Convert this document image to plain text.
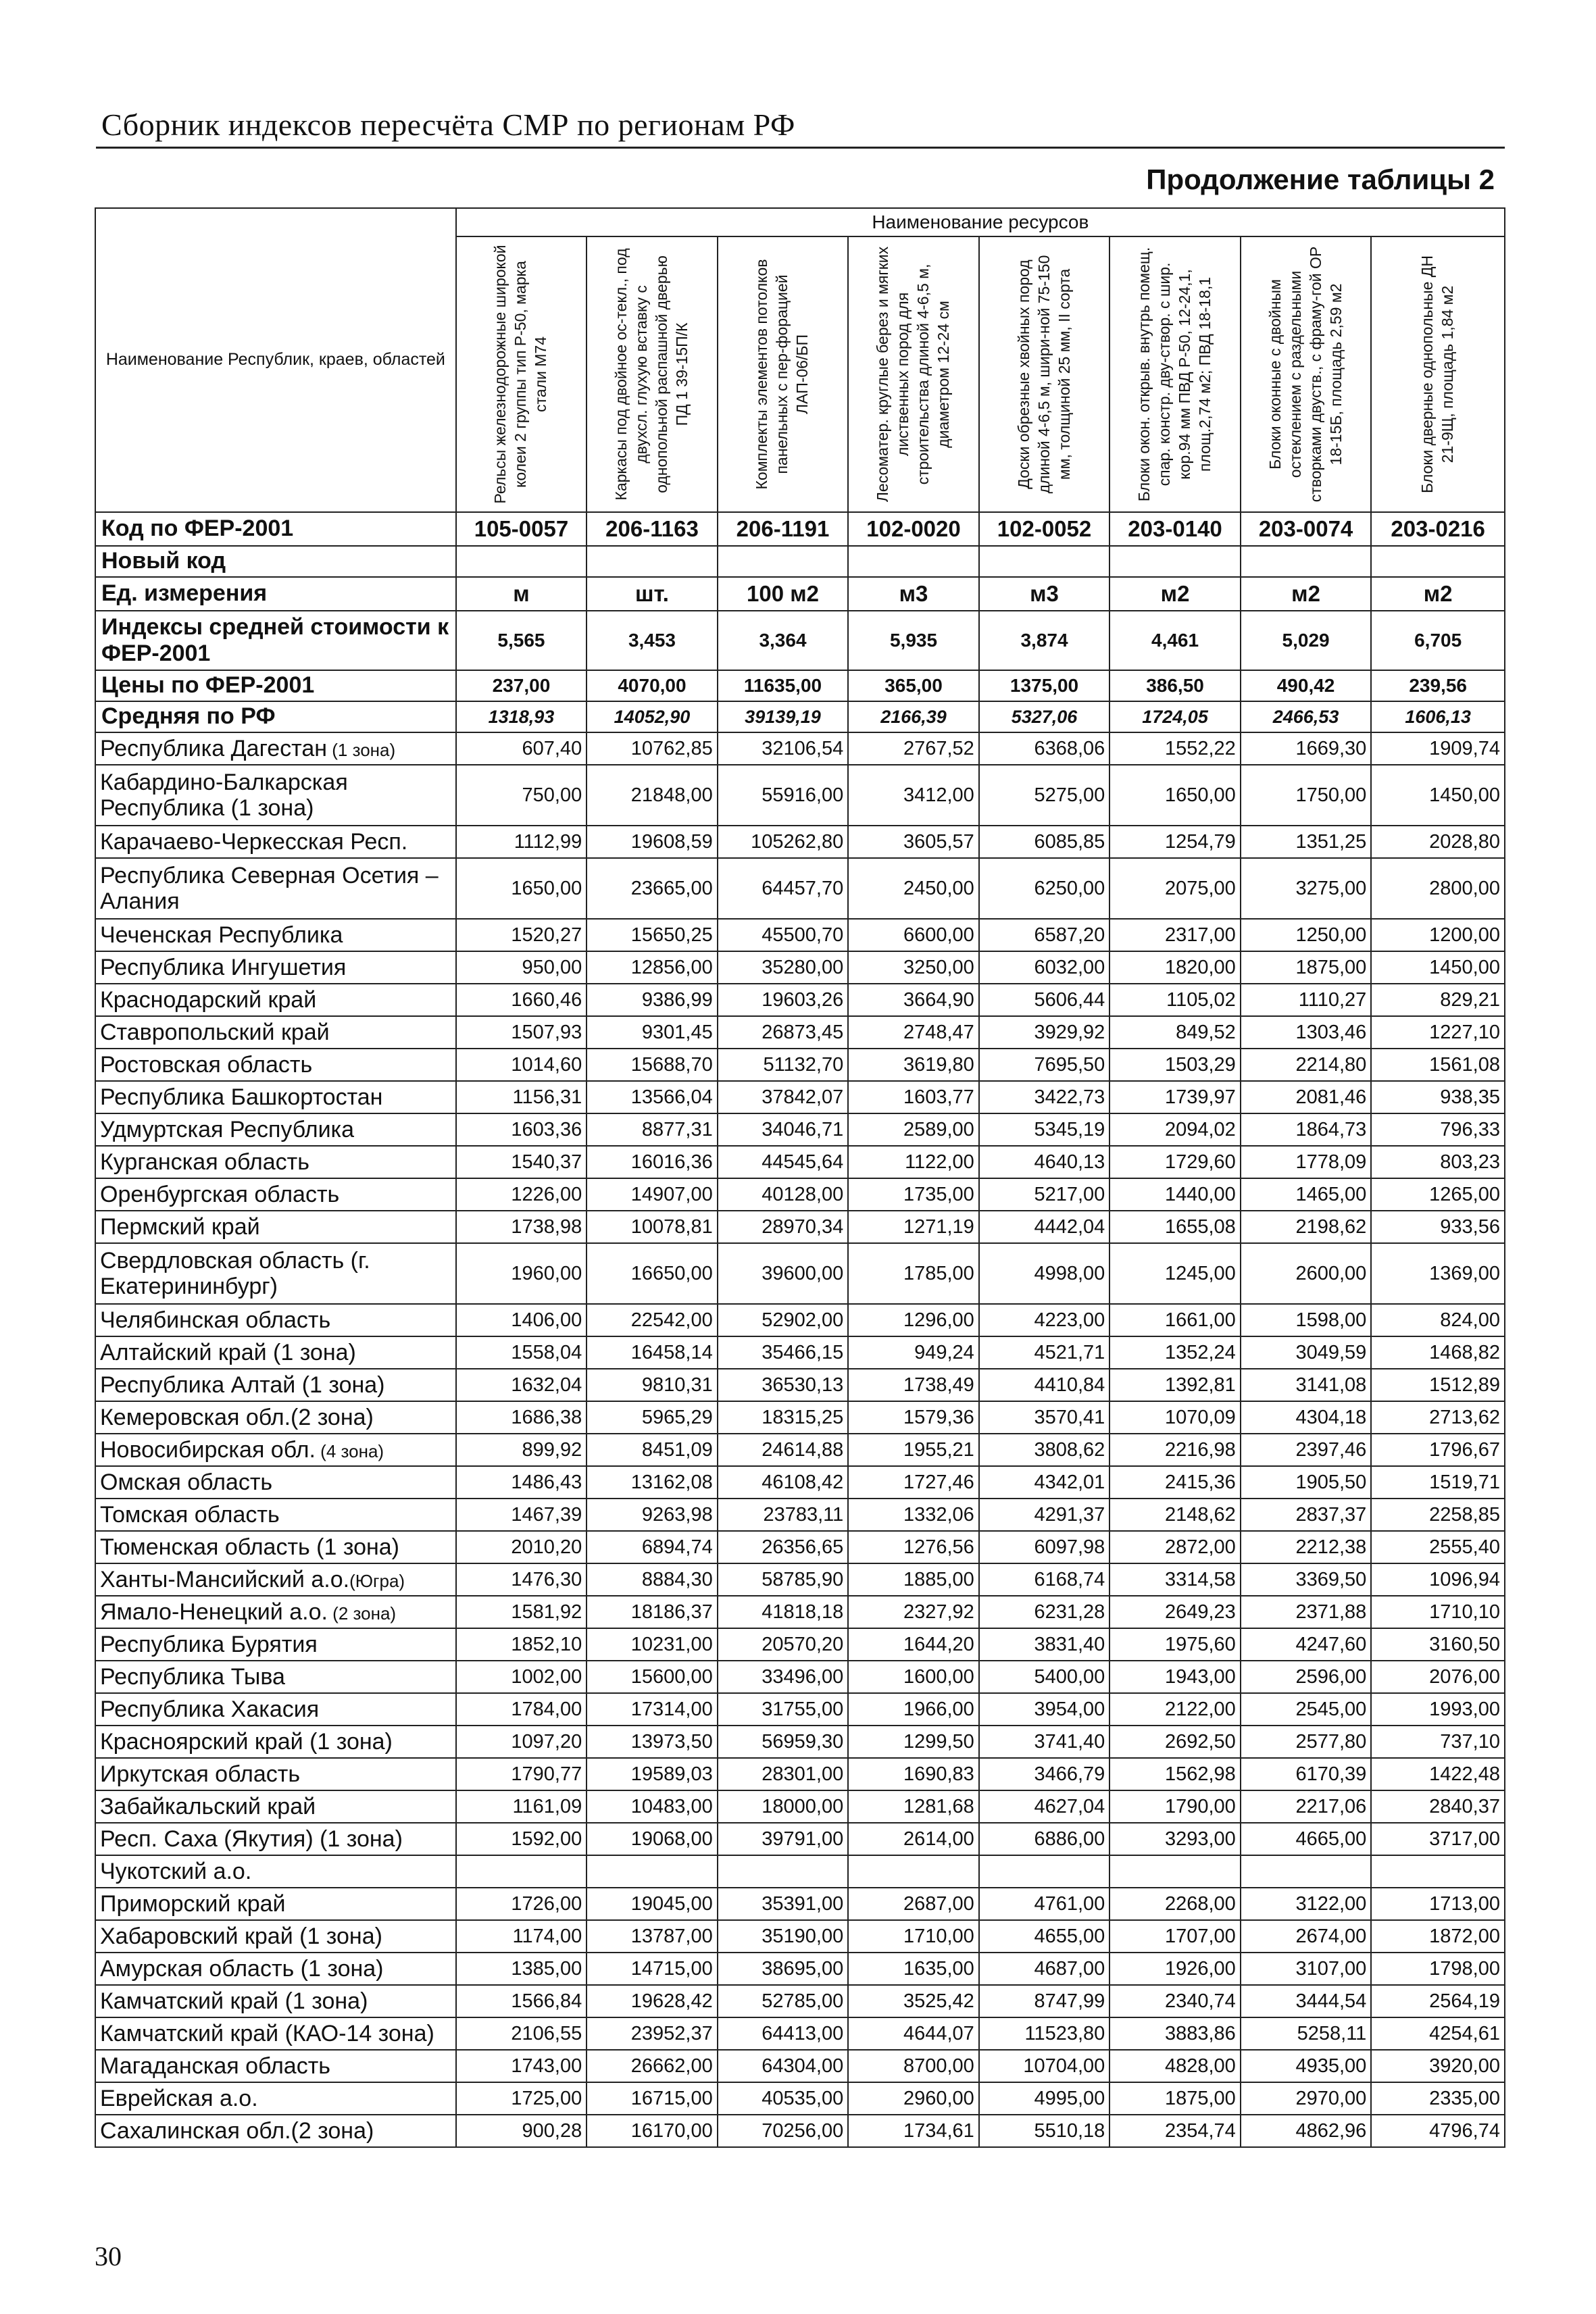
Сборник индексов пересчёта СМР по регионам РФ
Продолжение таблицы 2
Наименование Республик, краев, областей	Наименование ресурсов							

	Рельсы железнодорожные широкой колеи 2 группы тип Р-50, марка стали М74	Каркасы под двойное ос-текл., под двухсл. глухую вставку с однопольной распашной дверью ПД 1 39-15П/К	Комплекты элементов потолков панельных с пер-форацией ЛАП-06/БП	Лесоматер. круглые берез и мягких лиственных пород для строительства длиной 4-6,5 м, диаметром 12-24 см	Доски обрезные хвойных пород длиной 4-6,5 м, шири-ной 75-150 мм, толщиной 25 мм, II сорта	Блоки окон. открыв. внутрь помещ. спар. констр. дву-створ. с шир. кор.94 мм ПВД Р-50, 12-24,1, площ.2,74 м2; ПВД 18-18,1	Блоки оконные с двойным остеклением с раздельными створками двуств., с фраму-гой ОР 18-15Б, площадь 2,59 м2	Блоки дверные однопольные ДН 21-9Щ, площадь 1,84 м2

Код по ФЕР-2001	105-0057	206-1163	206-1191	102-0020	102-0052	203-0140	203-0074	203-0216
Новый код								
Ед. измерения	м	шт.	100 м2	м3	м3	м2	м2	м2
Индексы средней стоимости к ФЕР-2001	5,565	3,453	3,364	5,935	3,874	4,461	5,029	6,705
Цены по ФЕР-2001	237,00	4070,00	11635,00	365,00	1375,00	386,50	490,42	239,56
Средняя по РФ	1318,93	14052,90	39139,19	2166,39	5327,06	1724,05	2466,53	1606,13
Республика Дагестан (1 зона)	607,40	10762,85	32106,54	2767,52	6368,06	1552,22	1669,30	1909,74
Кабардино-Балкарская Республика (1 зона)	750,00	21848,00	55916,00	3412,00	5275,00	1650,00	1750,00	1450,00
Карачаево-Черкесская Респ.	1112,99	19608,59	105262,80	3605,57	6085,85	1254,79	1351,25	2028,80
Республика Северная Осетия – Алания	1650,00	23665,00	64457,70	2450,00	6250,00	2075,00	3275,00	2800,00
Чеченская Республика	1520,27	15650,25	45500,70	6600,00	6587,20	2317,00	1250,00	1200,00
Республика Ингушетия	950,00	12856,00	35280,00	3250,00	6032,00	1820,00	1875,00	1450,00
Краснодарский край	1660,46	9386,99	19603,26	3664,90	5606,44	1105,02	1110,27	829,21
Ставропольский край	1507,93	9301,45	26873,45	2748,47	3929,92	849,52	1303,46	1227,10
Ростовская область	1014,60	15688,70	51132,70	3619,80	7695,50	1503,29	2214,80	1561,08
Республика Башкортостан	1156,31	13566,04	37842,07	1603,77	3422,73	1739,97	2081,46	938,35
Удмуртская Республика	1603,36	8877,31	34046,71	2589,00	5345,19	2094,02	1864,73	796,33
Курганская область	1540,37	16016,36	44545,64	1122,00	4640,13	1729,60	1778,09	803,23
Оренбургская область	1226,00	14907,00	40128,00	1735,00	5217,00	1440,00	1465,00	1265,00
Пермский край	1738,98	10078,81	28970,34	1271,19	4442,04	1655,08	2198,62	933,56
Свердловская область (г. Екатерининбург)	1960,00	16650,00	39600,00	1785,00	4998,00	1245,00	2600,00	1369,00
Челябинская область	1406,00	22542,00	52902,00	1296,00	4223,00	1661,00	1598,00	824,00
Алтайский край (1 зона)	1558,04	16458,14	35466,15	949,24	4521,71	1352,24	3049,59	1468,82
Республика Алтай (1 зона)	1632,04	9810,31	36530,13	1738,49	4410,84	1392,81	3141,08	1512,89
Кемеровская обл.(2 зона)	1686,38	5965,29	18315,25	1579,36	3570,41	1070,09	4304,18	2713,62
Новосибирская обл. (4 зона)	899,92	8451,09	24614,88	1955,21	3808,62	2216,98	2397,46	1796,67
Омская область	1486,43	13162,08	46108,42	1727,46	4342,01	2415,36	1905,50	1519,71
Томская область	1467,39	9263,98	23783,11	1332,06	4291,37	2148,62	2837,37	2258,85
Тюменская область (1 зона)	2010,20	6894,74	26356,65	1276,56	6097,98	2872,00	2212,38	2555,40
Ханты-Мансийский а.о.(Югра)	1476,30	8884,30	58785,90	1885,00	6168,74	3314,58	3369,50	1096,94
Ямало-Ненецкий а.о. (2 зона)	1581,92	18186,37	41818,18	2327,92	6231,28	2649,23	2371,88	1710,10
Республика Бурятия	1852,10	10231,00	20570,20	1644,20	3831,40	1975,60	4247,60	3160,50
Республика Тыва	1002,00	15600,00	33496,00	1600,00	5400,00	1943,00	2596,00	2076,00
Республика Хакасия	1784,00	17314,00	31755,00	1966,00	3954,00	2122,00	2545,00	1993,00
Красноярский край (1 зона)	1097,20	13973,50	56959,30	1299,50	3741,40	2692,50	2577,80	737,10
Иркутская область	1790,77	19589,03	28301,00	1690,83	3466,79	1562,98	6170,39	1422,48
Забайкальский край	1161,09	10483,00	18000,00	1281,68	4627,04	1790,00	2217,06	2840,37
Респ. Саха (Якутия) (1 зона)	1592,00	19068,00	39791,00	2614,00	6886,00	3293,00	4665,00	3717,00
Чукотский а.о.								
Приморский край	1726,00	19045,00	35391,00	2687,00	4761,00	2268,00	3122,00	1713,00
Хабаровский край (1 зона)	1174,00	13787,00	35190,00	1710,00	4655,00	1707,00	2674,00	1872,00
Амурская область (1 зона)	1385,00	14715,00	38695,00	1635,00	4687,00	1926,00	3107,00	1798,00
Камчатский край (1 зона)	1566,84	19628,42	52785,00	3525,42	8747,99	2340,74	3444,54	2564,19
Камчатский край (КАО-14 зона)	2106,55	23952,37	64413,00	4644,07	11523,80	3883,86	5258,11	4254,61
Магаданская область	1743,00	26662,00	64304,00	8700,00	10704,00	4828,00	4935,00	3920,00
Еврейская а.о.	1725,00	16715,00	40535,00	2960,00	4995,00	1875,00	2970,00	2335,00
Сахалинская обл.(2 зона)	900,28	16170,00	70256,00	1734,61	5510,18	2354,74	4862,96	4796,74
30
